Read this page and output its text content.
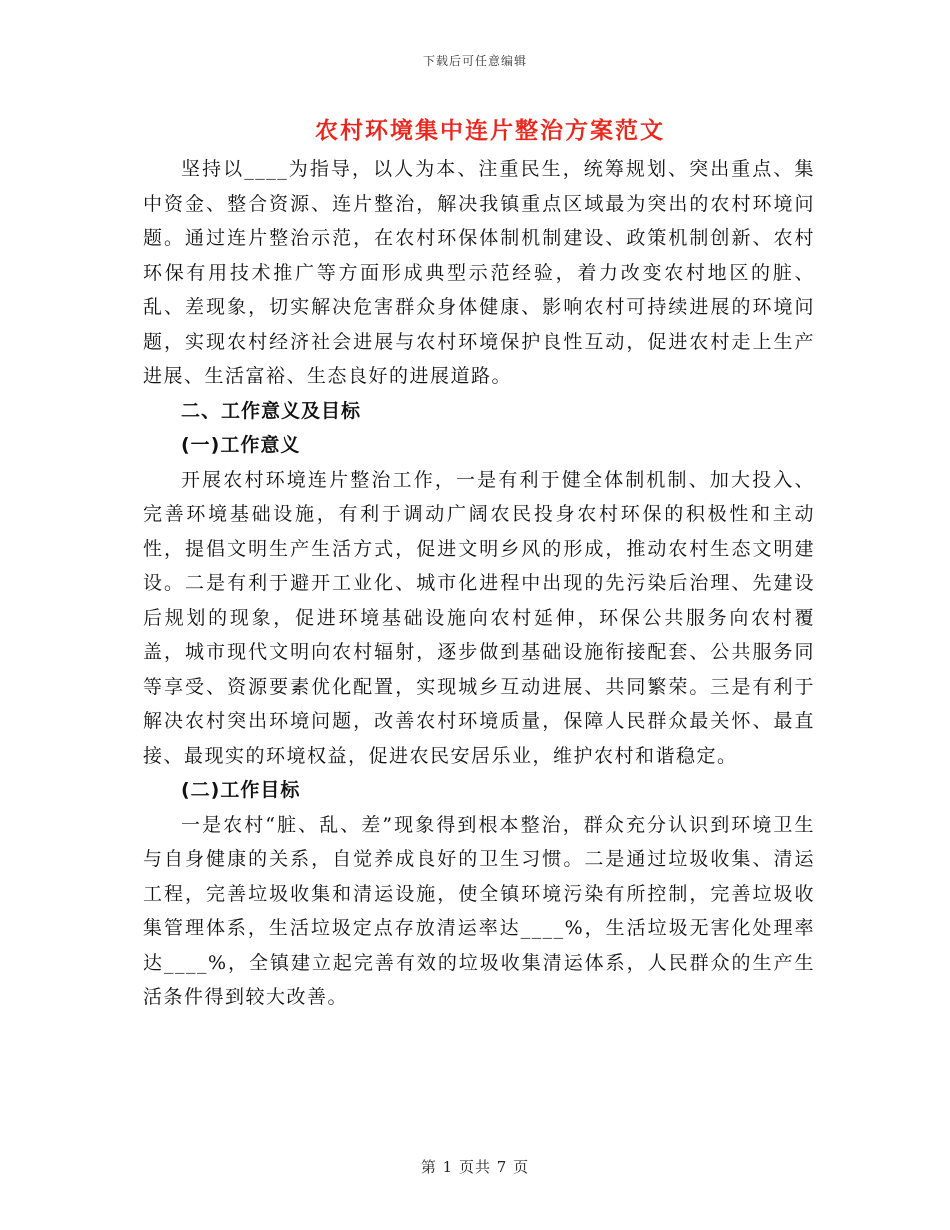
下载后可任意编辑
农村环境集中连片整治方案范文

坚持以____为指导，以人为本、注重民生，统筹规划、突出重点、集中资金、整合资源、连片整治，解决我镇重点区域最为突出的农村环境问题。通过连片整治示范，在农村环保体制机制建设、政策机制创新、农村环保有用技术推广等方面形成典型示范经验，着力改变农村地区的脏、乱、差现象，切实解决危害群众身体健康、影响农村可持续进展的环境问题，实现农村经济社会进展与农村环境保护良性互动，促进农村走上生产进展、生活富裕、生态良好的进展道路。

二、工作意义及目标

(一)工作意义

开展农村环境连片整治工作，一是有利于健全体制机制、加大投入、完善环境基础设施，有利于调动广阔农民投身农村环保的积极性和主动性，提倡文明生产生活方式，促进文明乡风的形成，推动农村生态文明建设。二是有利于避开工业化、城市化进程中出现的先污染后治理、先建设后规划的现象，促进环境基础设施向农村延伸，环保公共服务向农村覆盖，城市现代文明向农村辐射，逐步做到基础设施衔接配套、公共服务同等享受、资源要素优化配置，实现城乡互动进展、共同繁荣。三是有利于解决农村突出环境问题，改善农村环境质量，保障人民群众最关怀、最直接、最现实的环境权益，促进农民安居乐业，维护农村和谐稳定。

(二)工作目标

一是农村“脏、乱、差”现象得到根本整治，群众充分认识到环境卫生与自身健康的关系，自觉养成良好的卫生习惯。二是通过垃圾收集、清运工程，完善垃圾收集和清运设施，使全镇环境污染有所控制，完善垃圾收集管理体系，生活垃圾定点存放清运率达____%，生活垃圾无害化处理率达____%，全镇建立起完善有效的垃圾收集清运体系，人民群众的生产生活条件得到较大改善。

第 1 页共 7 页
